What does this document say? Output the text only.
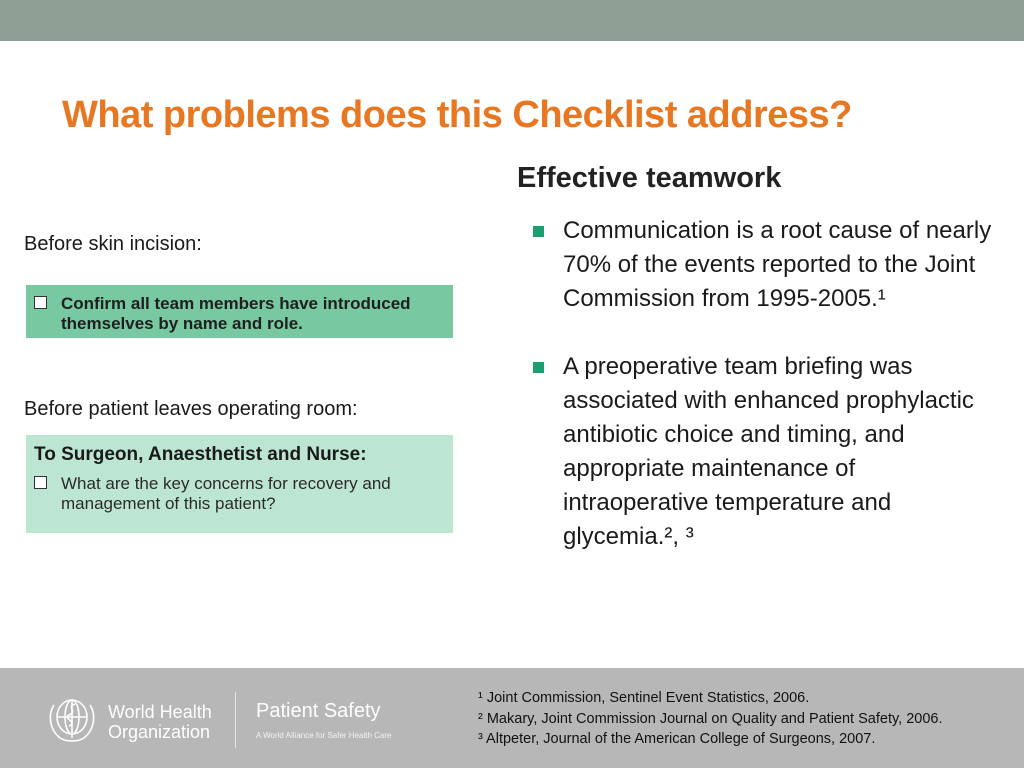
What problems does this Checklist address?
Before skin incision:
Confirm all team members have introduced themselves by name and role.
Before patient leaves operating room:
To Surgeon, Anaesthetist and Nurse:
What are the key concerns for recovery and management of this patient?
Effective teamwork
Communication is a root cause of nearly 70% of the events reported to the Joint Commission from 1995-2005.¹
A preoperative team briefing was associated with enhanced prophylactic antibiotic choice and timing, and appropriate maintenance of intraoperative temperature and glycemia.², ³
World Health
Organization
Patient Safety
A World Alliance for Safer Health Care
¹ Joint Commission, Sentinel Event Statistics, 2006.
² Makary, Joint Commission Journal on Quality and Patient Safety, 2006.
³ Altpeter, Journal of the American College of Surgeons, 2007.
